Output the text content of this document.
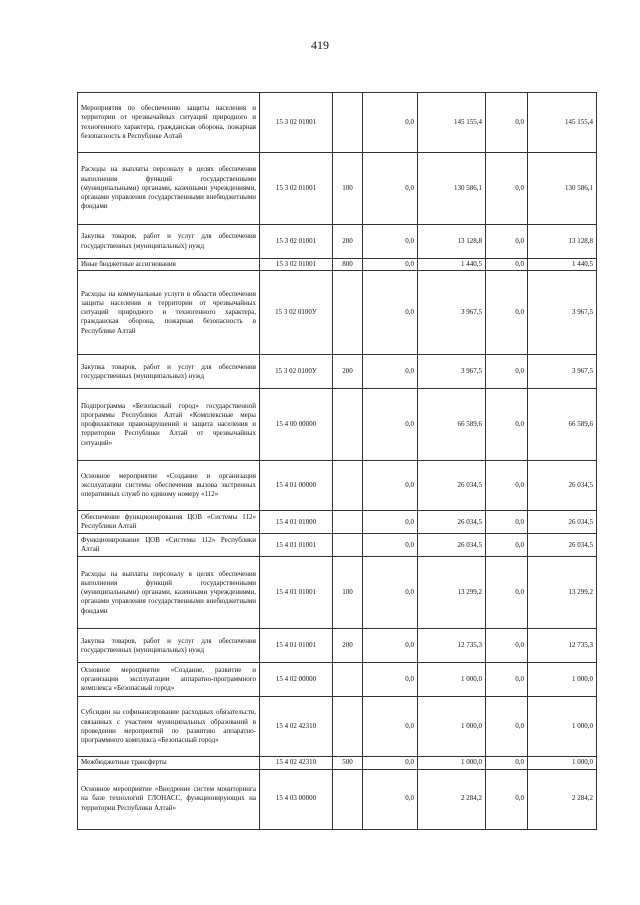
419
Мероприятия по обеспечению защиты населения и территории от чрезвычайных ситуаций природного и техногенного характера, гражданская оборона, пожарная безопасность в Республике Алтай	15 3 02 01001		0,0	145 155,4	0,0	145 155,4
Расходы на выплаты персоналу в целях обеспечения выполнения функций государственными (муниципальными) органами, казенными учреждениями, органами управления государственными внебюджетными фондами	15 3 02 01001	100	0,0	130 586,1	0,0	130 586,1
Закупка товаров, работ и услуг для обеспечения государственных (муниципальных) нужд	15 3 02 01001	200	0,0	13 128,8	0,0	13 128,8
Иные бюджетные ассигнования	15 3 02 01001	800	0,0	1 440,5	0,0	1 440,5
Расходы на коммунальные услуги в области обеспечения защиты населения и территории от чрезвычайных ситуаций природного и техногенного характера, гражданская оборона, пожарная безопасность в Республике Алтай	15 3 02 0100У		0,0	3 967,5	0,0	3 967,5
Закупка товаров, работ и услуг для обеспечения государственных (муниципальных) нужд	15 3 02 0100У	200	0,0	3 967,5	0,0	3 967,5
Подпрограмма «Безопасный город» государственной программы Республики Алтай «Комплексные меры профилактики правонарушений и защита населения и территории Республики Алтай от чрезвычайных ситуаций»	15 4 00 00000		0,0	66 589,6	0,0	66 589,6
Основное мероприятие «Создание и организация эксплуатации системы обеспечения вызова экстренных оперативных служб по единому номеру «112»	15 4 01 00000		0,0	26 034,5	0,0	26 034,5
Обеспечение функционирования ЦОВ «Системы 112» Республики Алтай	15 4 01 01000		0,0	26 034,5	0,0	26 034,5
Функционирование ЦОВ «Системы 112» Республики Алтай	15 4 01 01001		0,0	26 034,5	0,0	26 034,5
Расходы на выплаты персоналу в целях обеспечения выполнения функций государственными (муниципальными) органами, казенными учреждениями, органами управления государственными внебюджетными фондами	15 4 01 01001	100	0,0	13 299,2	0,0	13 299,2
Закупка товаров, работ и услуг для обеспечения государственных (муниципальных) нужд	15 4 01 01001	200	0,0	12 735,3	0,0	12 735,3
Основное мероприятие «Создание, развитие и организация эксплуатации аппаратно-программного комплекса «Безопасный город»	15 4 02 00000		0,0	1 000,0	0,0	1 000,0
Субсидии на софинансирование расходных обязательств, связанных с участием муниципальных образований в проведении мероприятий по развитию аппаратно-программного комплекса «Безопасный город»	15 4 02 42310		0,0	1 000,0	0,0	1 000,0
Межбюджетные трансферты	15 4 02 42310	500	0,0	1 000,0	0,0	1 000,0
Основное мероприятие «Внедрение систем мониторинга на базе технологий ГЛОНАСС, функционирующих на территории Республики Алтай»	15 4 03 00000		0,0	2 284,2	0,0	2 284,2
